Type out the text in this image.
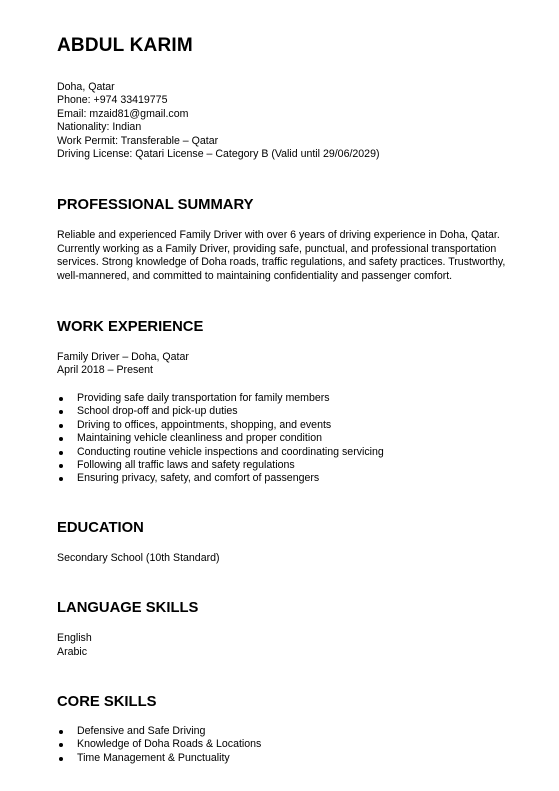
ABDUL KARIM
Doha, Qatar
Phone: +974 33419775
Email: mzaid81@gmail.com
Nationality: Indian
Work Permit: Transferable – Qatar
Driving License: Qatari License – Category B (Valid until 29/06/2029)
PROFESSIONAL SUMMARY
Reliable and experienced Family Driver with over 6 years of driving experience in Doha, Qatar. Currently working as a Family Driver, providing safe, punctual, and professional transportation services. Strong knowledge of Doha roads, traffic regulations, and safety practices. Trustworthy, well-mannered, and committed to maintaining confidentiality and passenger comfort.
WORK EXPERIENCE
Family Driver – Doha, Qatar
April 2018 – Present
Providing safe daily transportation for family members
School drop-off and pick-up duties
Driving to offices, appointments, shopping, and events
Maintaining vehicle cleanliness and proper condition
Conducting routine vehicle inspections and coordinating servicing
Following all traffic laws and safety regulations
Ensuring privacy, safety, and comfort of passengers
EDUCATION
Secondary School (10th Standard)
LANGUAGE SKILLS
English
Arabic
CORE SKILLS
Defensive and Safe Driving
Knowledge of Doha Roads & Locations
Time Management & Punctuality
